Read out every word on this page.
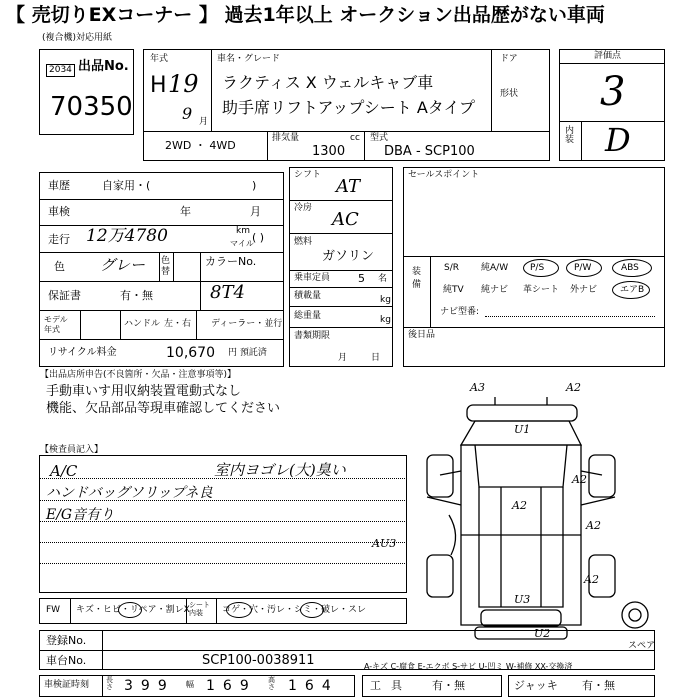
【 売切りEXコーナー 】 過去1年以上 オークション出品歴がない車両
(複合機)対応用紙
出品No.
2034
70350
年式
H 19
9 月
車名・グレード
ラクティス X ウェルキャブ車
助手席リフトアップシート Aタイプ
ドア
形状
2WD ・ 4WD
排気量	cc
1300
型式
DBA - SCP100
評価点
3
内装 D
車歴	自家用・(	)
車検	年	月
走行 12万4780	km
マイル
( )
色 グレー 色替
カラーNo.
保証書	有・無	8T4
モデル年式
ハンドル 左・右 ディーラー・並行
リサイクル料金	10,670 円 預託済
シフト
AT
冷房
AC
燃料
ガソリン
乗車定員	5 名
積載量	kg
総重量	kg
書類期限
月日
セールスポイント
装備
S/R 純A/W P/S	P/W	ABS
純TV 純ナビ 革シート 外ナビ	エアB
ナビ型番:
後日品
【出品店所申告(不良箇所・欠品・注意事項等)】
手動車いす用収納装置電動式なし
機能、欠品部品等現車確認してください
【検査員記入】
A/C
ハンドバッグソリップネ良
E/G音有り
室内ヨゴレ(大)臭い
A3	A2
U1
A2
A2
AU3
A2
A2
U3
U2
スペア
FW キズ・ヒビ・リペア・割レX シート内装	コゲ・穴・汚レ・シミ・破レ・スレ
登録No.
車台No.	SCP100-0038911	A-キズ C-腐食 E-エクボ S-サビ U-凹ミ W-補修 XX-交換済
車検証時刻 長さ 399 幅 169 高さ 164	工具 有・無	ジャッキ 有・無
